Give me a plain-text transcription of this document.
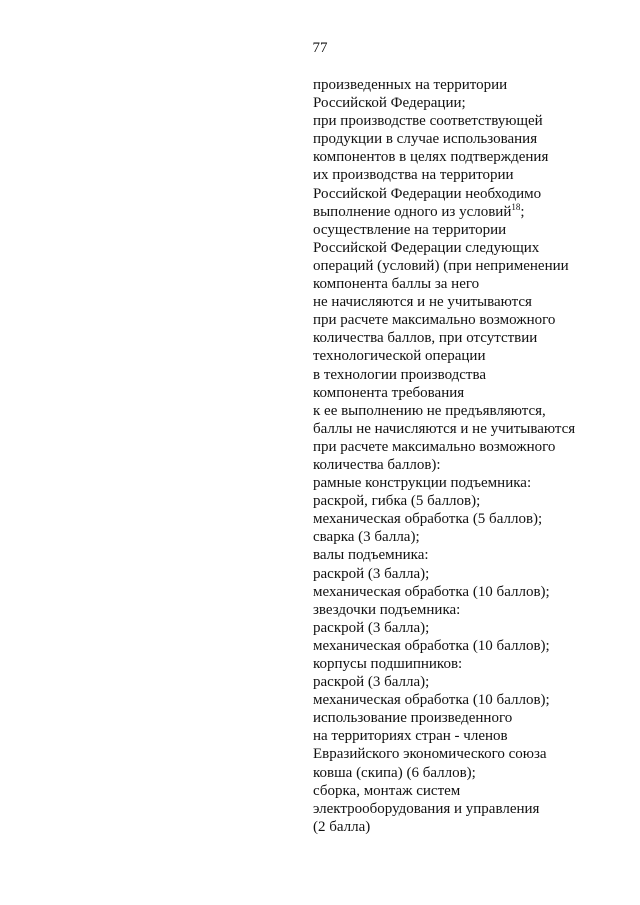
77
произведенных на территории
Российской Федерации;
при производстве соответствующей
продукции в случае использования
компонентов в целях подтверждения
их производства на территории
Российской Федерации необходимо
выполнение одного из условий$^{18}$;
осуществление на территории
Российской Федерации следующих
операций (условий) (при неприменении
компонента баллы за него
не начисляются и не учитываются
при расчете максимально возможного
количества баллов, при отсутствии
технологической операции
в технологии производства
компонента требования
к ее выполнению не предъявляются,
баллы не начисляются и не учитываются
при расчете максимально возможного
количества баллов):
рамные конструкции подъемника:
раскрой, гибка (5 баллов);
механическая обработка (5 баллов);
сварка (3 балла);
валы подъемника:
раскрой (3 балла);
механическая обработка (10 баллов);
звездочки подъемника:
раскрой (3 балла);
механическая обработка (10 баллов);
корпусы подшипников:
раскрой (3 балла);
механическая обработка (10 баллов);
использование произведенного
на территориях стран - членов
Евразийского экономического союза
ковша (скипа) (6 баллов);
сборка, монтаж систем
электрооборудования и управления
(2 балла)
